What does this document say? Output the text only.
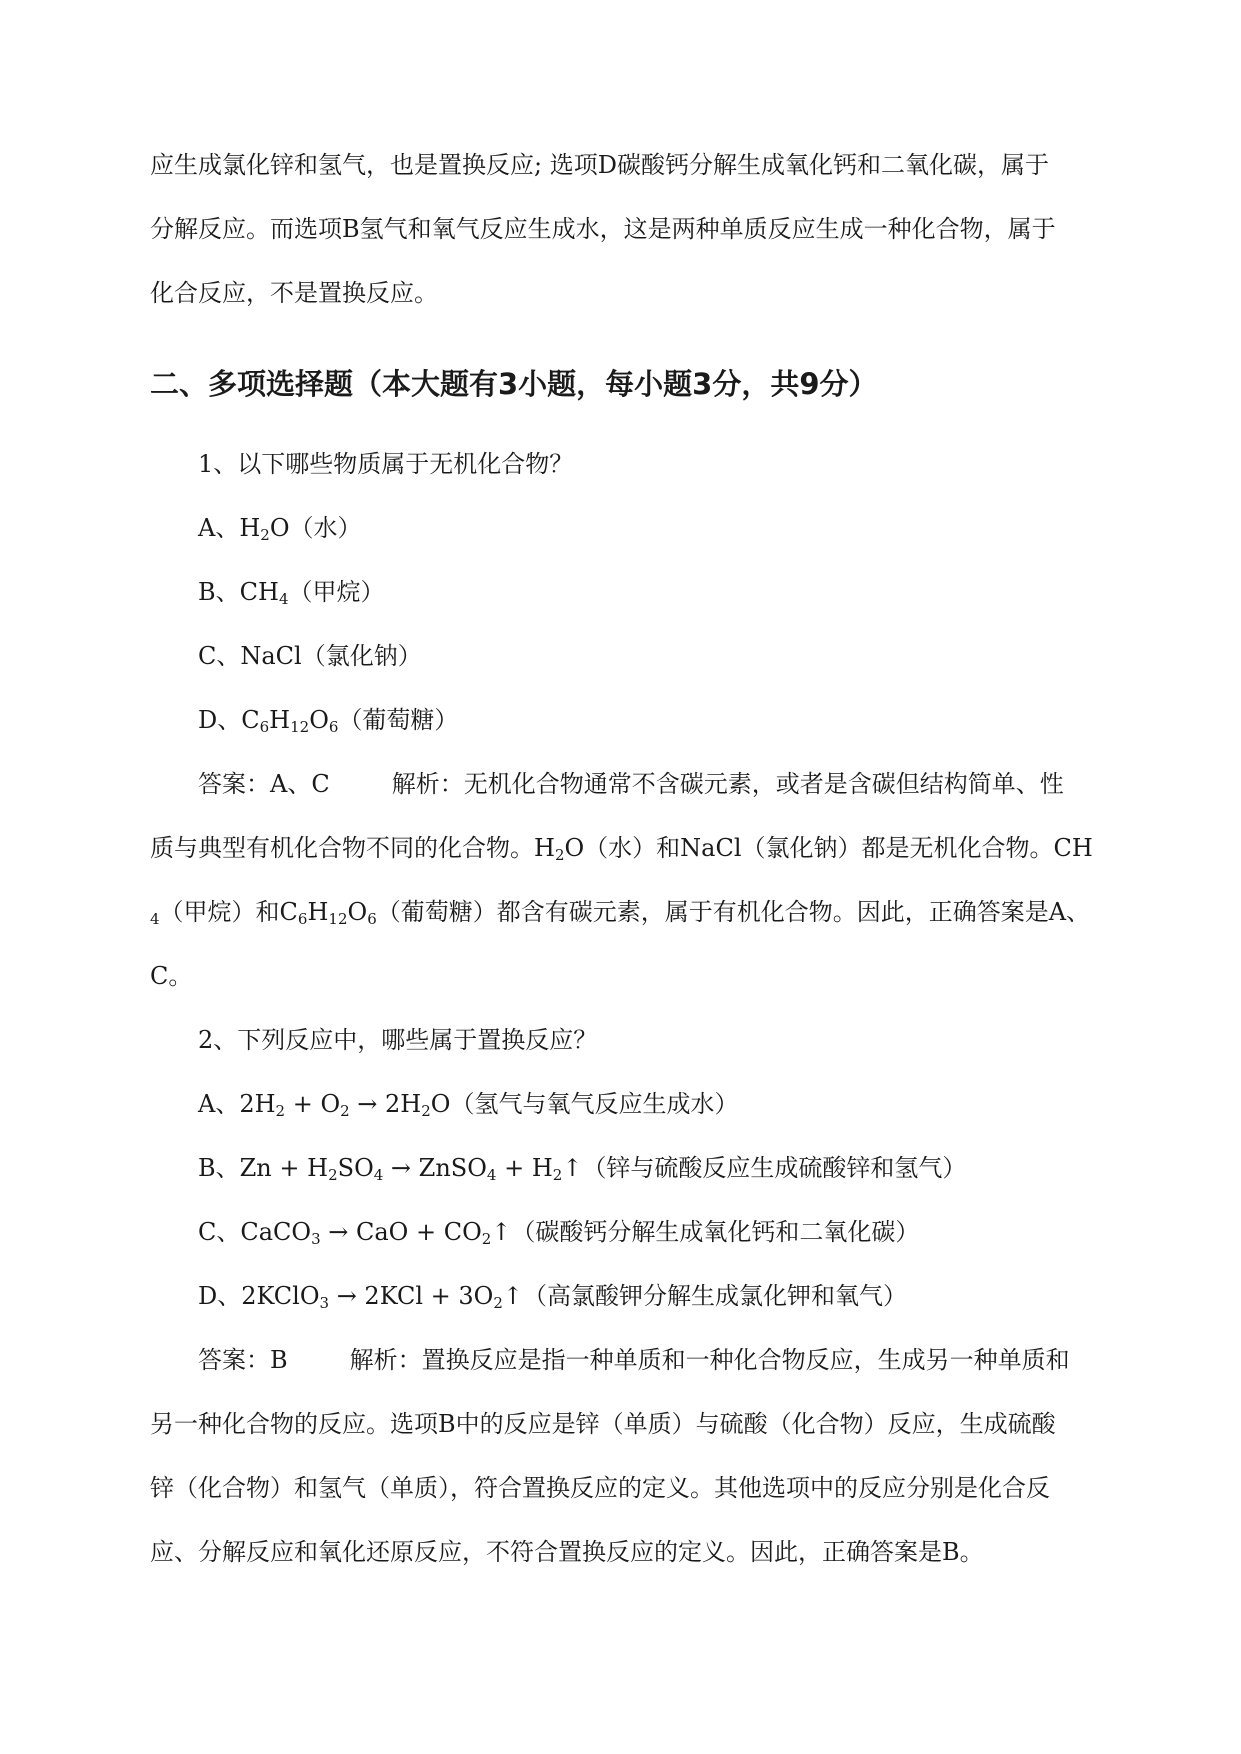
应生成氯化锌和氢气，也是置换反应; 选项D碳酸钙分解生成氧化钙和二氧化碳，属于
分解反应。而选项B氢气和氧气反应生成水，这是两种单质反应生成一种化合物，属于
化合反应，不是置换反应。
二、多项选择题（本大题有3小题，每小题3分，共9分）
1、以下哪些物质属于无机化合物？
A、$H_2O$（水）
B、$CH_4$（甲烷）
C、NaCl（氯化钠）
D、$C_6H_{12}O_6$（葡萄糖）
答案：A、C	解析：无机化合物通常不含碳元素，或者是含碳但结构简单、性
质与典型有机化合物不同的化合物。$H_2O$（水）和NaCl（氯化钠）都是无机化合物。CH
$_4$（甲烷）和$C_6H_{12}O_6$（葡萄糖）都含有碳元素，属于有机化合物。因此，正确答案是A、
C。
2、下列反应中，哪些属于置换反应？
A、$2H_2 + O_2 \to 2H_2O$（氢气与氧气反应生成水）
B、$Zn + H_2SO_4$ → ZnSO$_4$ + $H_2↑$（锌与硫酸反应生成硫酸锌和氢气）
C、CaCO$_3$ → CaO + $CO_2↑$（碳酸钙分解生成氧化钙和二氧化碳）
D、2KClO$_3$ → $2KCl + 3O_2↑$（高氯酸钾分解生成氯化钾和氧气）
答案：B	解析：置换反应是指一种单质和一种化合物反应，生成另一种单质和
另一种化合物的反应。选项B中的反应是锌（单质）与硫酸（化合物）反应，生成硫酸
锌（化合物）和氢气（单质），符合置换反应的定义。其他选项中的反应分别是化合反
应、分解反应和氧化还原反应，不符合置换反应的定义。因此，正确答案是B。
